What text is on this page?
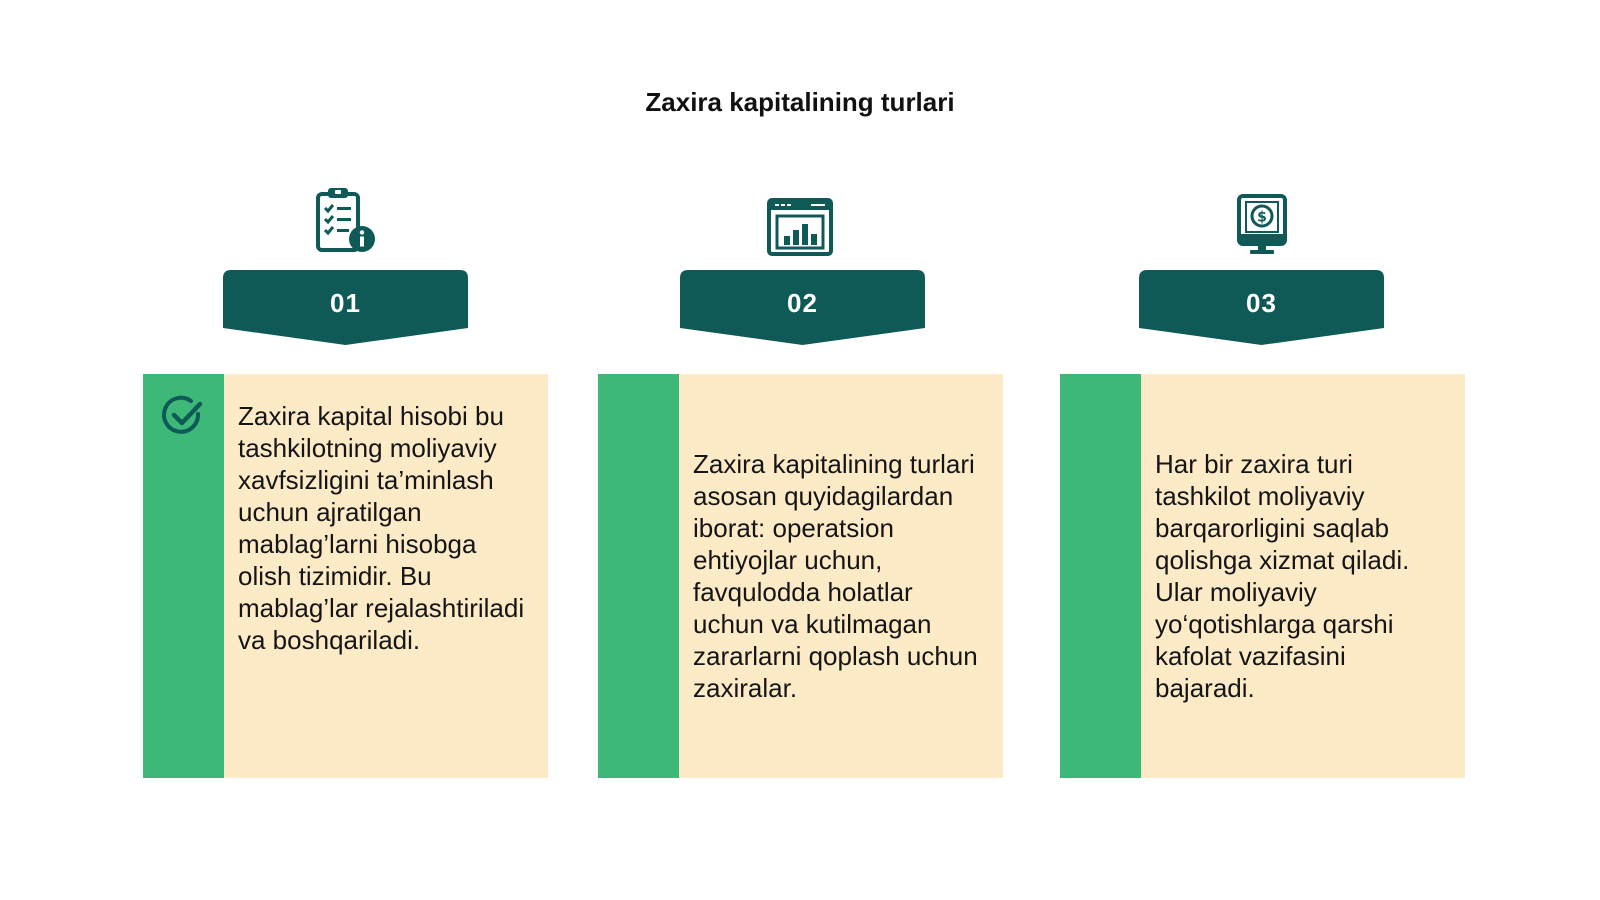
Zaxira kapitalining turlari
01
Zaxira kapital hisobi bu tashkilotning moliyaviy xavfsizligini ta’minlash uchun ajratilgan mablag’larni hisobga olish tizimidir. Bu mablag’lar rejalashtiriladi va boshqariladi.
02
Zaxira kapitalining turlari asosan quyidagilardan iborat: operatsion ehtiyojlar uchun, favqulodda holatlar uchun va kutilmagan zararlarni qoplash uchun zaxiralar.
$
03
Har bir zaxira turi tashkilot moliyaviy barqarorligini saqlab qolishga xizmat qiladi. Ular moliyaviy yo‘qotishlarga qarshi kafolat vazifasini bajaradi.
